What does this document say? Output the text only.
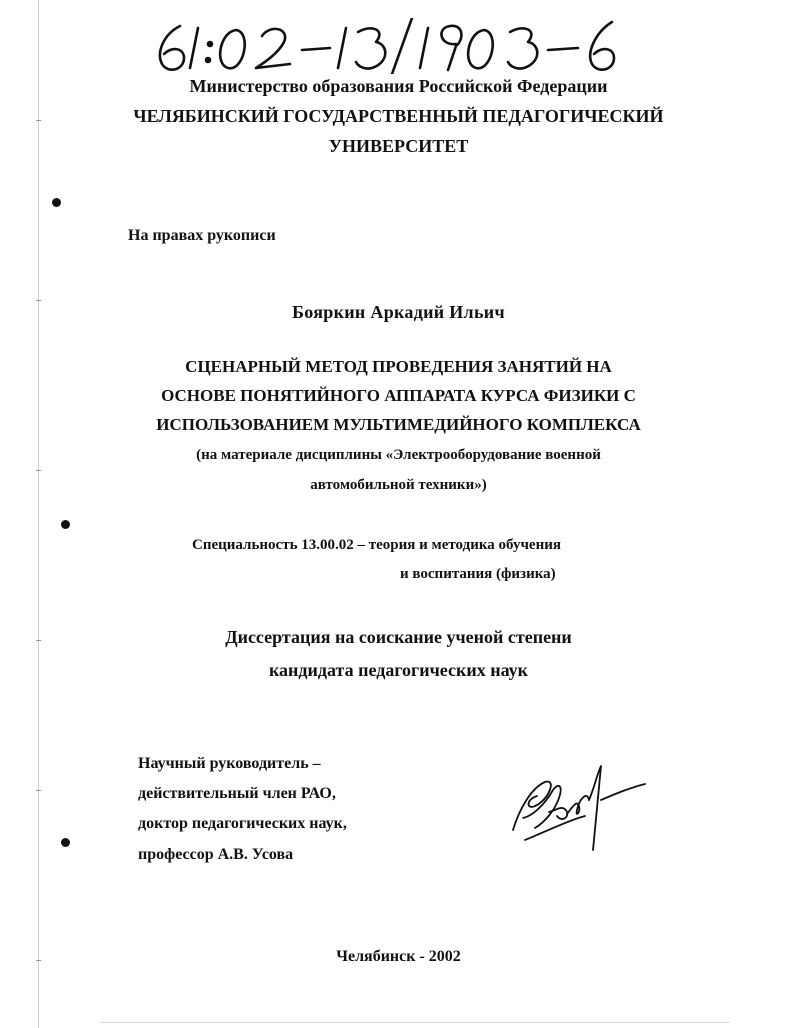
Министерство образования Российской Федерации
ЧЕЛЯБИНСКИЙ ГОСУДАРСТВЕННЫЙ ПЕДАГОГИЧЕСКИЙ
УНИВЕРСИТЕТ
На правах рукописи
Бояркин Аркадий Ильич
СЦЕНАРНЫЙ МЕТОД ПРОВЕДЕНИЯ ЗАНЯТИЙ НА
ОСНОВЕ ПОНЯТИЙНОГО АППАРАТА КУРСА ФИЗИКИ С
ИСПОЛЬЗОВАНИЕМ МУЛЬТИМЕДИЙНОГО КОМПЛЕКСА
(на материале дисциплины «Электрооборудование военной
автомобильной техники»)
Специальность 13.00.02 – теория и методика обучения
и воспитания (физика)
Диссертация на соискание ученой степени
кандидата педагогических наук
Научный руководитель –
действительный член РАО,
доктор педагогических наук,
профессор А.В. Усова
Челябинск - 2002
